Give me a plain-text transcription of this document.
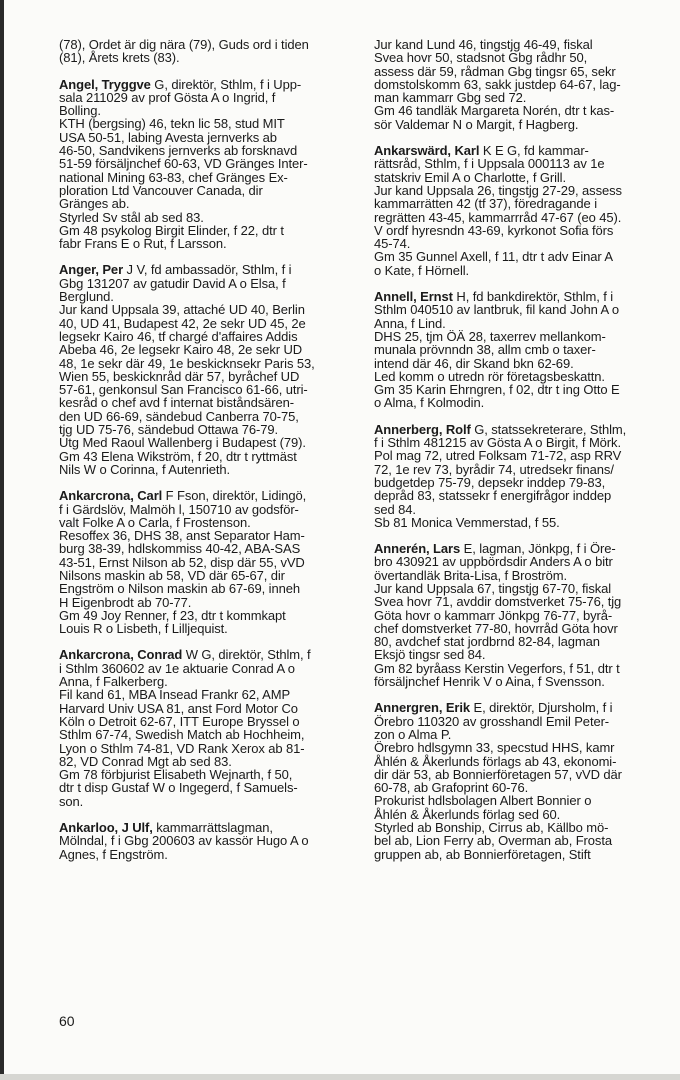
(78), Ordet är dig nära (79), Guds ord i tiden
(81), Årets krets (83).
Angel, Tryggve G, direktör, Sthlm, f i Upp-
sala 211029 av prof Gösta A o Ingrid, f
Bolling.
KTH (bergsing) 46, tekn lic 58, stud MIT
USA 50-51, labing Avesta jernverks ab
46-50, Sandvikens jernverks ab forsknavd
51-59 försäljnchef 60-63, VD Gränges Inter-
national Mining 63-83, chef Gränges Ex-
ploration Ltd Vancouver Canada, dir
Gränges ab.
Styrled Sv stål ab sed 83.
Gm 48 psykolog Birgit Elinder, f 22, dtr t
fabr Frans E o Rut, f Larsson.
Anger, Per J V, fd ambassadör, Sthlm, f i
Gbg 131207 av gatudir David A o Elsa, f
Berglund.
Jur kand Uppsala 39, attaché UD 40, Berlin
40, UD 41, Budapest 42, 2e sekr UD 45, 2e
legsekr Kairo 46, tf chargé d'affaires Addis
Abeba 46, 2e legsekr Kairo 48, 2e sekr UD
48, 1e sekr där 49, 1e beskicknsekr Paris 53,
Wien 55, beskicknråd där 57, byråchef UD
57-61, genkonsul San Francisco 61-66, utri-
kesråd o chef avd f internat biståndsären-
den UD 66-69, sändebud Canberra 70-75,
tjg UD 75-76, sändebud Ottawa 76-79.
Utg Med Raoul Wallenberg i Budapest (79).
Gm 43 Elena Wikström, f 20, dtr t ryttmäst
Nils W o Corinna, f Autenrieth.
Ankarcrona, Carl F Fson, direktör, Lidingö,
f i Gärdslöv, Malmöh l, 150710 av godsför-
valt Folke A o Carla, f Frostenson.
Resoffex 36, DHS 38, anst Separator Ham-
burg 38-39, hdlskommiss 40-42, ABA-SAS
43-51, Ernst Nilson ab 52, disp där 55, vVD
Nilsons maskin ab 58, VD där 65-67, dir
Engström o Nilson maskin ab 67-69, inneh
H Eigenbrodt ab 70-77.
Gm 49 Joy Renner, f 23, dtr t kommkapt
Louis R o Lisbeth, f Lilljequist.
Ankarcrona, Conrad W G, direktör, Sthlm, f
i Sthlm 360602 av 1e aktuarie Conrad A o
Anna, f Falkerberg.
Fil kand 61, MBA Insead Frankr 62, AMP
Harvard Univ USA 81, anst Ford Motor Co
Köln o Detroit 62-67, ITT Europe Bryssel o
Sthlm 67-74, Swedish Match ab Hochheim,
Lyon o Sthlm 74-81, VD Rank Xerox ab 81-
82, VD Conrad Mgt ab sed 83.
Gm 78 förbjurist Elisabeth Wejnarth, f 50,
dtr t disp Gustaf W o Ingegerd, f Samuels-
son.
Ankarloo, J Ulf, kammarrättslagman,
Mölndal, f i Gbg 200603 av kassör Hugo A o
Agnes, f Engström.
Jur kand Lund 46, tingstjg 46-49, fiskal
Svea hovr 50, stadsnot Gbg rådhr 50,
assess där 59, rådman Gbg tingsr 65, sekr
domstolskomm 63, sakk justdep 64-67, lag-
man kammarr Gbg sed 72.
Gm 46 tandläk Margareta Norén, dtr t kas-
sör Valdemar N o Margit, f Hagberg.
Ankarswärd, Karl K E G, fd kammar-
rättsråd, Sthlm, f i Uppsala 000113 av 1e
statskriv Emil A o Charlotte, f Grill.
Jur kand Uppsala 26, tingstjg 27-29, assess
kammarrätten 42 (tf 37), föredragande i
regrätten 43-45, kammarrråd 47-67 (eo 45).
V ordf hyresndn 43-69, kyrkonot Sofia förs
45-74.
Gm 35 Gunnel Axell, f 11, dtr t adv Einar A
o Kate, f Hörnell.
Annell, Ernst H, fd bankdirektör, Sthlm, f i
Sthlm 040510 av lantbruk, fil kand John A o
Anna, f Lind.
DHS 25, tjm ÖÄ 28, taxerrev mellankom-
munala prövnndn 38, allm cmb o taxer-
intend där 46, dir Skand bkn 62-69.
Led komm o utredn rör företagsbeskattn.
Gm 35 Karin Ehrngren, f 02, dtr t ing Otto E
o Alma, f Kolmodin.
Annerberg, Rolf G, statssekreterare, Sthlm,
f i Sthlm 481215 av Gösta A o Birgit, f Mörk.
Pol mag 72, utred Folksam 71-72, asp RRV
72, 1e rev 73, byrådir 74, utredsekr finans/
budgetdep 75-79, depsekr inddep 79-83,
depråd 83, statssekr f energifrågor inddep
sed 84.
Sb 81 Monica Vemmerstad, f 55.
Annerén, Lars E, lagman, Jönkpg, f i Öre-
bro 430921 av uppbördsdir Anders A o bitr
övertandläk Brita-Lisa, f Broström.
Jur kand Uppsala 67, tingstjg 67-70, fiskal
Svea hovr 71, avddir domstverket 75-76, tjg
Göta hovr o kammarr Jönkpg 76-77, byrå-
chef domstverket 77-80, hovrråd Göta hovr
80, avdchef stat jordbrnd 82-84, lagman
Eksjö tingsr sed 84.
Gm 82 byråass Kerstin Vegerfors, f 51, dtr t
försäljnchef Henrik V o Aina, f Svensson.
Annergren, Erik E, direktör, Djursholm, f i
Örebro 110320 av grosshandl Emil Peter-
zon o Alma P.
Örebro hdlsgymn 33, specstud HHS, kamr
Åhlén & Åkerlunds förlags ab 43, ekonomi-
dir där 53, ab Bonnierföretagen 57, vVD där
60-78, ab Grafoprint 60-76.
Prokurist hdlsbolagen Albert Bonnier o
Åhlén & Åkerlunds förlag sed 60.
Styrled ab Bonship, Cirrus ab, Källbo mö-
bel ab, Lion Ferry ab, Overman ab, Frosta
gruppen ab, ab Bonnierföretagen, Stift
60
